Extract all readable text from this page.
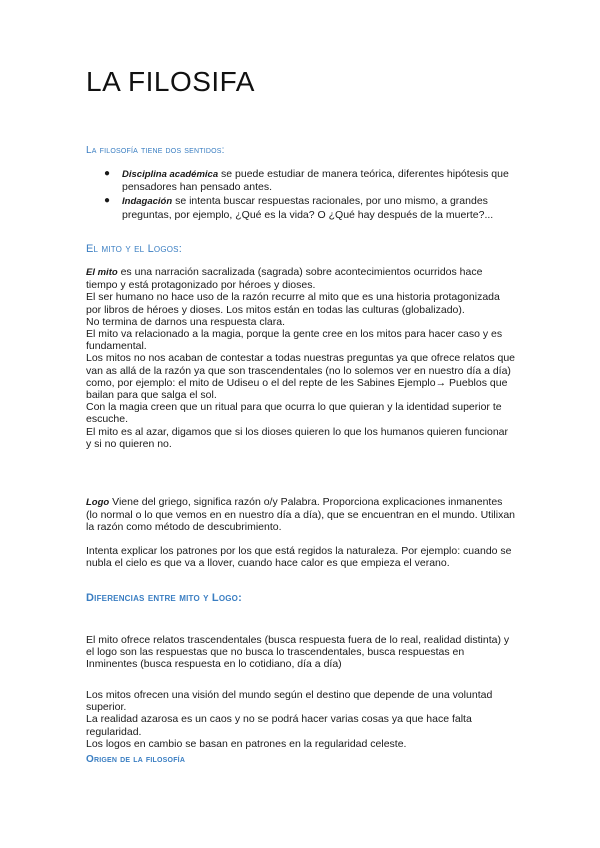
LA FILOSIFA

La filosofía tiene dos sentidos:

● Disciplina académica se puede estudiar de manera teórica, diferentes hipótesis que pensadores han pensado antes.
● Indagación se intenta buscar respuestas racionales, por uno mismo, a grandes preguntas, por ejemplo, ¿Qué es la vida? O ¿Qué hay después de la muerte?...

El mito y el Logos:

El mito es una narración sacralizada (sagrada) sobre acontecimientos ocurridos hace tiempo y está protagonizado por héroes y dioses.

El ser humano no hace uso de la razón recurre al mito que es una historia protagonizada por libros de héroes y dioses. Los mitos están en todas las culturas (globalizado).

No termina de darnos una respuesta clara.

El mito va relacionado a la magia, porque la gente cree en los mitos para hacer caso y es fundamental.

Los mitos no nos acaban de contestar a todas nuestras preguntas ya que ofrece relatos que van as allá de la razón ya que son trascendentales (no lo solemos ver en nuestro día a día) como, por ejemplo: el mito de Udiseu o el del repte de les Sabines Ejemplo→ Pueblos que bailan para que salga el sol.

Con la magia creen que un ritual para que ocurra lo que quieran y la identidad superior te escuche.

El mito es al azar, digamos que si los dioses quieren lo que los humanos quieren funcionar y si no quieren no.

Logo Viene del griego, significa razón o/y Palabra. Proporciona explicaciones inmanentes (lo normal o lo que vemos en en nuestro día a día), que se encuentran en el mundo. Utilixan la razón como método de descubrimiento.

Intenta explicar los patrones por los que está regidos la naturaleza. Por ejemplo: cuando se nubla el cielo es que va a llover, cuando hace calor es que empieza el verano.

Diferencias entre mito y Logo:

El mito ofrece relatos trascendentales (busca respuesta fuera de lo real, realidad distinta) y el logo son las respuestas que no busca lo trascendentales, busca respuestas en Inminentes (busca respuesta en lo cotidiano, día a día)

Los mitos ofrecen una visión del mundo según el destino que depende de una voluntad superior.

La realidad azarosa es un caos y no se podrá hacer varias cosas ya que hace falta regularidad.

Los logos en cambio se basan en patrones en la regularidad celeste.

Origen de la filosofía
